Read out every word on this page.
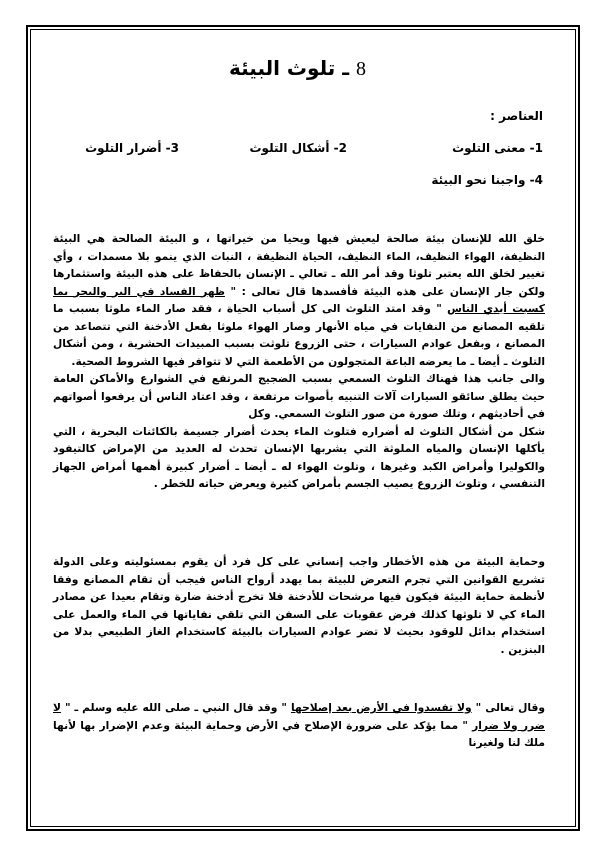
8 ـ تلوث البيئة
العناصر :
1- معنى التلوث
2- أشكال التلوث
3- أضرار التلوث
4- واجبنا نحو البيئة

خلق الله للإنسان بيئة صالحة ليعيش فيها ويحيا من خيراتها ، و البيئة الصالحة هي البيئة النظيفة، الهواء النظيف، الماء النظيف، الحياة النظيفة ، النبات الذي ينمو بلا مسمدات ، وأي تغيير لخلق الله يعتبر تلوثا وقد أمر الله ـ تعالي ـ الإنسان بالحفاظ على هذه البيئة واستثمارها ولكن جار الإنسان على هذه البيئة فأفسدها قال تعالى : " ظهر الفساد في البر والبحر بما كسبت أيدي الناس " وقد امتد التلوث الى كل أسباب الحياة ، فقد صار الماء ملوثا بسبب ما تلقيه المصانع من النفايات في مياه الأنهار وصار الهواء ملوثا بفعل الأدخنة التي تتصاعد من المصانع ، وبفعل عوادم السيارات ، حتى الزروع تلوثت بسبب المبيدات الحشرية ، ومن أشكال التلوث ـ أيضا ـ ما يعرضه الباعة المتجولون من الأطعمة التي لا تتوافر فيها الشروط الصحية.

والى جانب هذا فهناك التلوث السمعي بسبب الضجيج المرتفع في الشوارع والأماكن العامة حيث يطلق سائقو السيارات آلات التنبيه بأصوات مرتفعة ، وقد اعتاد الناس أن يرفعوا أصواتهم في أحاديثهم ، وتلك صورة من صور التلوث السمعي. وكل

شكل من أشكال التلوث له أضراره فتلوث الماء يحدث أضرار جسيمة بالكائنات البحرية ، التي يأكلها الإنسان والمياه الملوثة التي يشربها الإنسان تحدث له العديد من الإمراض كالتيفود والكوليرا وأمراض الكبد وغيرها ، وتلوث الهواء له ـ أيضا ـ أضرار كبيرة أهمها أمراض الجهاز التنفسي ، وتلوث الزروع يصيب الجسم بأمراض كثيرة ويعرض حياته للخطر .

وحماية البيئة من هذه الأخطار واجب إنساني على كل فرد أن يقوم بمسئوليته وعلى الدولة تشريع القوانين التي تجرم التعرض للبيئة بما يهدد أرواح الناس فيجب أن تقام المصانع وفقا لأنظمة حماية البيئة فيكون فيها مرشحات للأدخنة فلا تخرج أدخنة ضارة وتقام بعيدا عن مصادر الماء كي لا تلوثها كذلك فرض عقوبات على السفن التي تلقي نفاياتها في الماء والعمل على استخدام بدائل للوقود بحيث لا تضر عوادم السيارات بالبيئة كاستخدام الغاز الطبيعي بدلا من البنزين .

وقال تعالى " ولا تفسدوا في الأرض بعد إصلاحها " وقد قال النبي ـ صلى الله عليه وسلم ـ " لا ضرر ولا ضرار " مما يؤكد على ضرورة الإصلاح في الأرض وحماية البيئة وعدم الإضرار بها لأنها ملك لنا ولغيرنا
